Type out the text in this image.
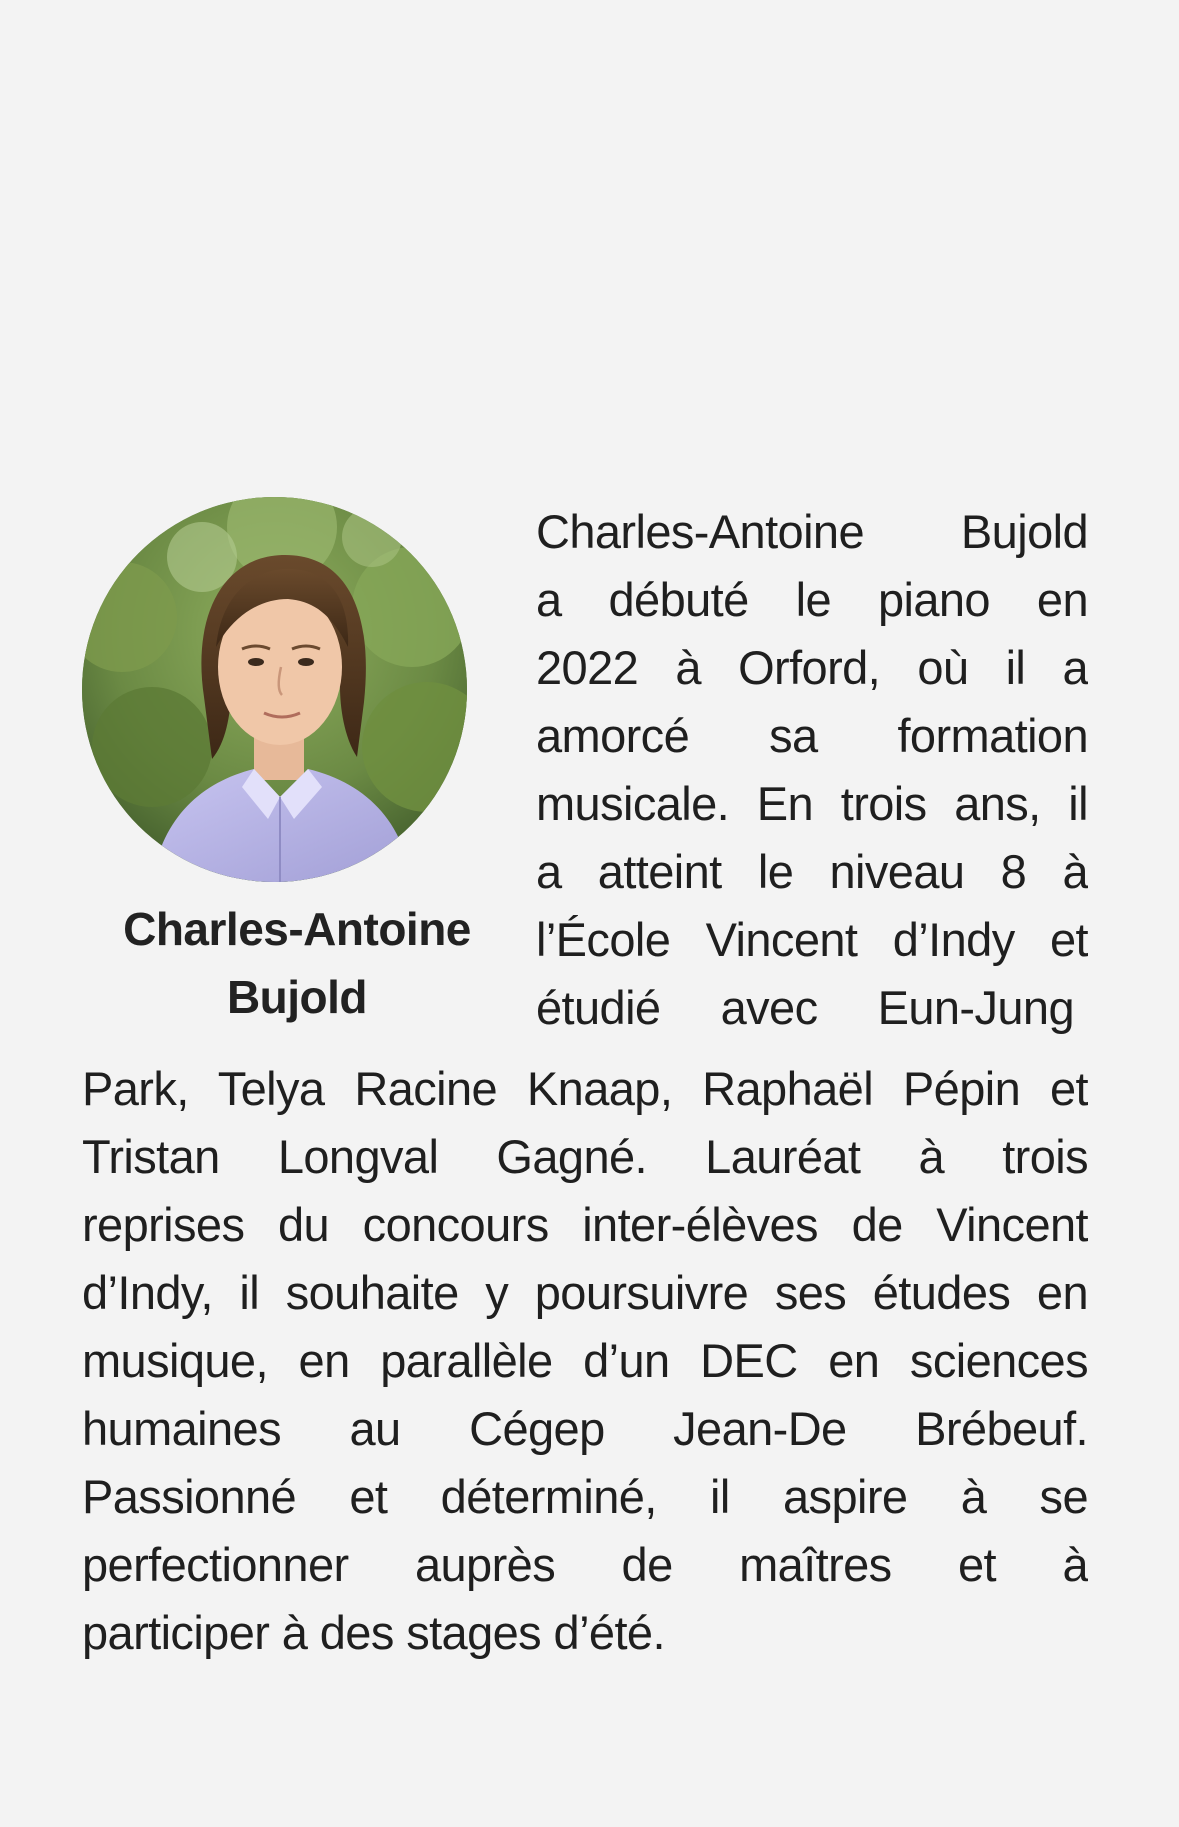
Charles-Antoine
Bujold
Charles-Antoine Bujold
a débuté le piano en
2022 à Orford, où il a
amorcé sa formation
musicale. En trois ans, il
a atteint le niveau 8 à
l’École Vincent d’Indy et
étudié avec Eun-Jung
Park, Telya Racine Knaap, Raphaël Pépin et
Tristan Longval Gagné. Lauréat à trois
reprises du concours inter-élèves de Vincent
d’Indy, il souhaite y poursuivre ses études en
musique, en parallèle d’un DEC en sciences
humaines au Cégep Jean-De Brébeuf.
Passionné et déterminé, il aspire à se
perfectionner auprès de maîtres et à
participer à des stages d’été.
